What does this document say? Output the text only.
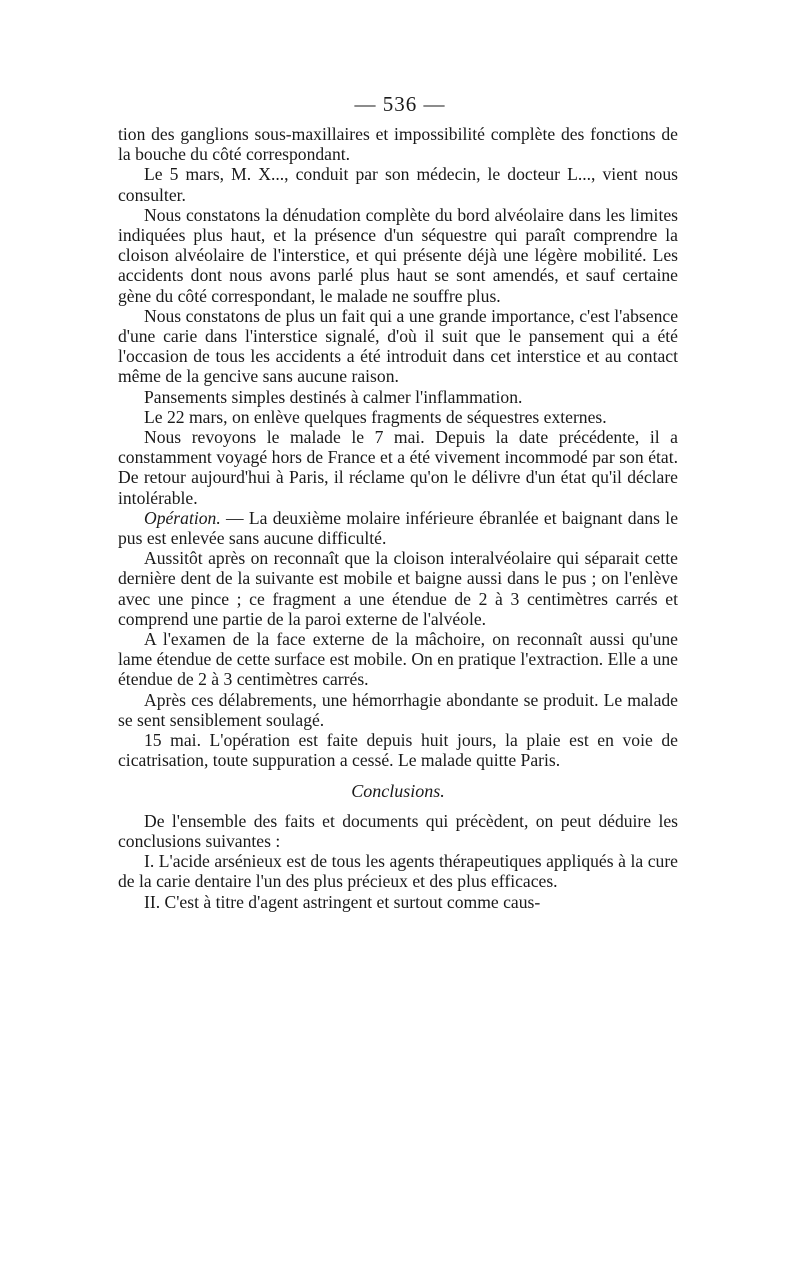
— 536 —

tion des ganglions sous-maxillaires et impossibilité complète des fonctions de la bouche du côté correspondant.

Le 5 mars, M. X..., conduit par son médecin, le docteur L..., vient nous consulter.

Nous constatons la dénudation complète du bord alvéolaire dans les limites indiquées plus haut, et la présence d'un séquestre qui paraît comprendre la cloison alvéolaire de l'interstice, et qui présente déjà une légère mobilité. Les accidents dont nous avons parlé plus haut se sont amendés, et sauf certaine gène du côté correspondant, le malade ne souffre plus.

Nous constatons de plus un fait qui a une grande importance, c'est l'absence d'une carie dans l'interstice signalé, d'où il suit que le pansement qui a été l'occasion de tous les accidents a été introduit dans cet interstice et au contact même de la gencive sans aucune raison.

Pansements simples destinés à calmer l'inflammation.

Le 22 mars, on enlève quelques fragments de séquestres externes.

Nous revoyons le malade le 7 mai. Depuis la date précédente, il a constamment voyagé hors de France et a été vivement incommodé par son état. De retour aujourd'hui à Paris, il réclame qu'on le délivre d'un état qu'il déclare intolérable.

Opération. — La deuxième molaire inférieure ébranlée et baignant dans le pus est enlevée sans aucune difficulté.

Aussitôt après on reconnaît que la cloison interalvéolaire qui séparait cette dernière dent de la suivante est mobile et baigne aussi dans le pus ; on l'enlève avec une pince ; ce fragment a une étendue de 2 à 3 centimètres carrés et comprend une partie de la paroi externe de l'alvéole.

A l'examen de la face externe de la mâchoire, on reconnaît aussi qu'une lame étendue de cette surface est mobile. On en pratique l'extraction. Elle a une étendue de 2 à 3 centimètres carrés.

Après ces délabrements, une hémorrhagie abondante se produit. Le malade se sent sensiblement soulagé.

15 mai. L'opération est faite depuis huit jours, la plaie est en voie de cicatrisation, toute suppuration a cessé. Le malade quitte Paris.

Conclusions.

De l'ensemble des faits et documents qui précèdent, on peut déduire les conclusions suivantes :

I. L'acide arsénieux est de tous les agents thérapeutiques appliqués à la cure de la carie dentaire l'un des plus précieux et des plus efficaces.

II. C'est à titre d'agent astringent et surtout comme caus-
